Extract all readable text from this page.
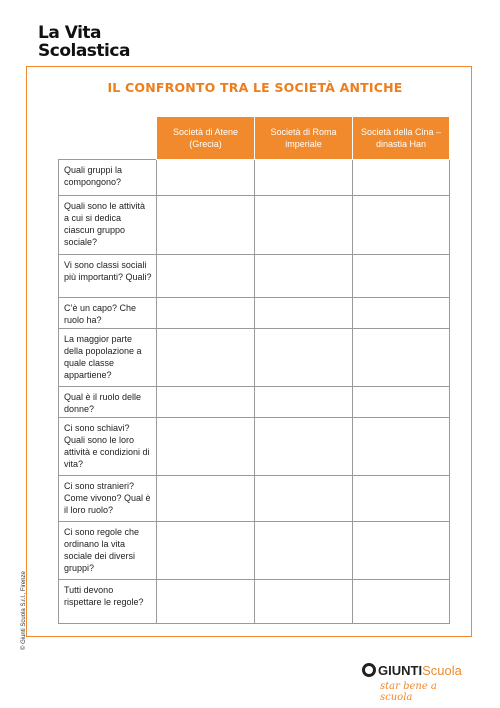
La Vita
Scolastica
IL CONFRONTO TRA LE SOCIETÀ ANTICHE
	Società di Atene (Grecia)	Società di Roma imperiale	Società della Cina – dinastia Han
Quali gruppi la compongono?			
Quali sono le attività a cui si dedica ciascun gruppo sociale?			
Vi sono classi sociali più importanti? Quali?			
C’è un capo? Che ruolo ha?			
La maggior parte della popolazione a quale classe appartiene?			
Qual è il ruolo delle donne?			
Ci sono schiavi? Quali sono le loro attività e condizioni di vita?			
Ci sono stranieri? Come vivono? Qual è il loro ruolo?			
Ci sono regole che ordinano la vita sociale dei diversi gruppi?			
Tutti devono rispettare le regole?			
© Giunti Scuola S.r.l., Firenze
GIUNTIScuola
star bene a scuola
